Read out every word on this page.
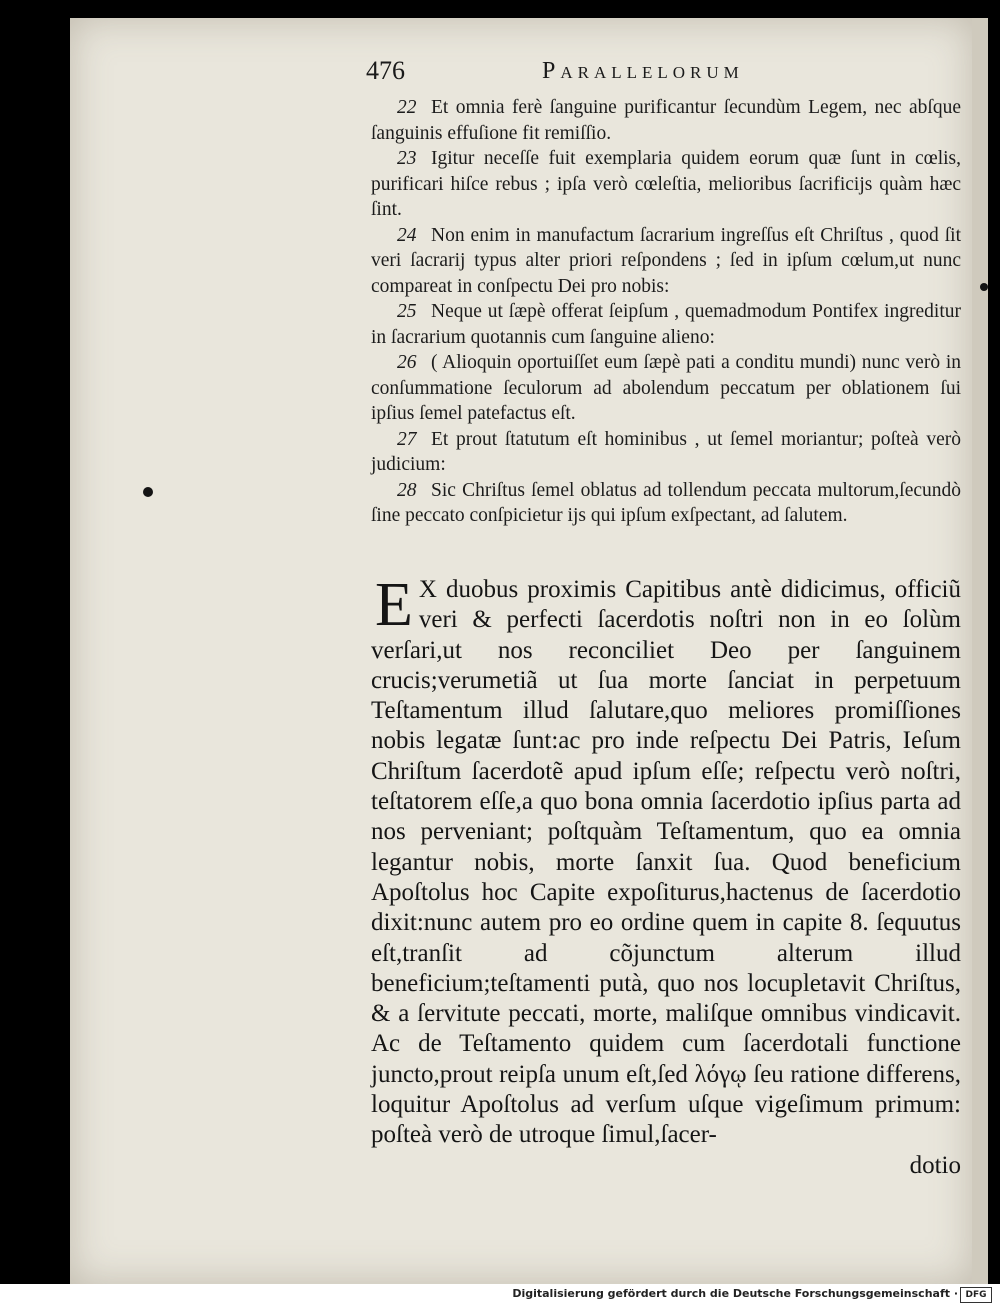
476	Parallelorum

22 Et omnia ferè ſanguine purificantur ſecundùm Legem, nec abſque ſanguinis effuſione fit remiſſio.

23 Igitur neceſſe fuit exemplaria quidem eorum quæ ſunt in cœlis, purificari hiſce rebus ; ipſa verò cœleſtia, melioribus ſacrificijs quàm hæc ſint.

24 Non enim in manufactum ſacrarium ingreſſus eſt Chriſtus , quod ſit veri ſacrarij typus alter priori reſpondens ; ſed in ipſum cœlum,ut nunc compareat in conſpectu Dei pro nobis:

25 Neque ut ſæpè offerat ſeipſum , quemadmodum Pontifex ingreditur in ſacrarium quotannis cum ſanguine alieno:

26 ( Alioquin oportuiſſet eum ſæpè pati a conditu mundi) nunc verò in conſummatione ſeculorum ad abolendum peccatum per oblationem ſui ipſius ſemel patefactus eſt.

27 Et prout ſtatutum eſt hominibus , ut ſemel moriantur; poſteà verò judicium:

28 Sic Chriſtus ſemel oblatus ad tollendum peccata multorum,ſecundò ſine peccato conſpicietur ijs qui ipſum exſpectant, ad ſalutem.

E X duobus proximis Capitibus antè didicimus, officiũ veri & perfecti ſacerdotis noſtri non in eo ſolùm verſari,ut nos reconciliet Deo per ſanguinem crucis;verumetiã ut ſua morte ſanciat in perpetuum Teſtamentum illud ſalutare,quo meliores promiſſiones nobis legatæ ſunt:ac pro inde reſpectu Dei Patris, Ieſum Chriſtum ſacerdotẽ apud ipſum eſſe; reſpectu verò noſtri, teſtatorem eſſe,a quo bona omnia ſacerdotio ipſius parta ad nos perveniant; poſtquàm Teſtamentum, quo ea omnia legantur nobis, morte ſanxit ſua. Quod beneficium Apoſtolus hoc Capite expoſiturus,hactenus de ſacerdotio dixit:nunc autem pro eo ordine quem in capite 8. ſequutus eſt,tranſit ad cõjunctum alterum illud beneficium;teſtamenti putà, quo nos locupletavit Chriſtus, & a ſervitute peccati, morte, maliſque omnibus vindicavit. Ac de Teſtamento quidem cum ſacerdotali functione juncto,prout reipſa unum eſt,ſed λόγῳ ſeu ratione differens, loquitur Apoſtolus ad verſum uſque vigeſimum primum: poſteà verò de utroque ſimul,ſacer-
dotio
Digitalisierung gefördert durch die Deutsche Forschungsgemeinschaft · DFG
